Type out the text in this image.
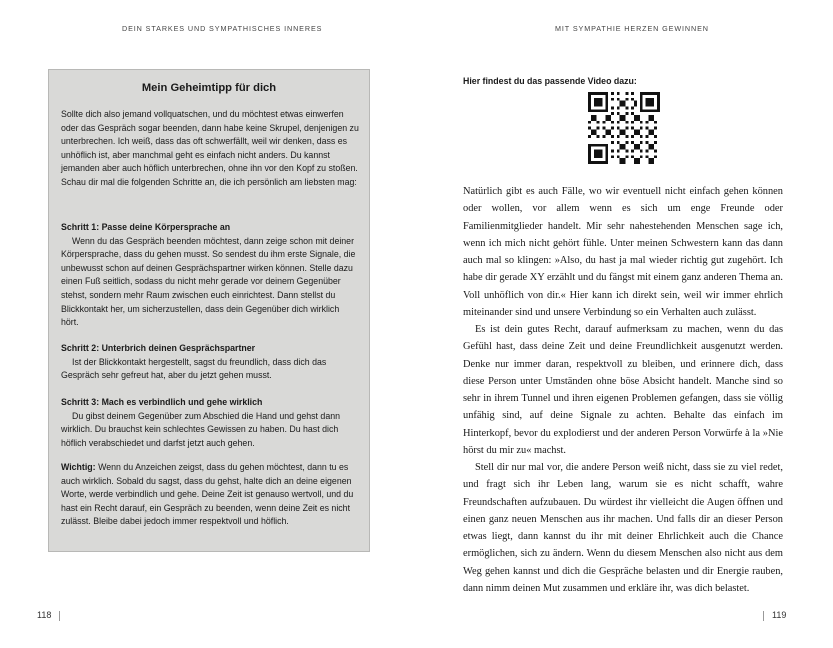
DEIN STARKES UND SYMPATHISCHES INNERES	MIT SYMPATHIE HERZEN GEWINNEN
Mein Geheimtipp für dich

Sollte dich also jemand vollquatschen, und du möchtest etwas einwerfen oder das Gespräch sogar beenden, dann habe keine Skrupel, denjenigen zu unterbrechen. Ich weiß, dass das oft schwerfällt, weil wir denken, dass es unhöflich ist, aber manchmal geht es einfach nicht anders. Du kannst jemanden aber auch höflich unterbrechen, ohne ihn vor den Kopf zu stoßen. Schau dir mal die folgenden Schritte an, die ich persönlich am liebsten mag:

Schritt 1: Passe deine Körpersprache an
Wenn du das Gespräch beenden möchtest, dann zeige schon mit deiner Körpersprache, dass du gehen musst. So sendest du ihm erste Signale, die unbewusst schon auf deinen Gesprächspartner wirken können. Stelle dazu einen Fuß seitlich, sodass du nicht mehr gerade vor deinem Gegenüber stehst, sondern mehr Raum zwischen euch einrichtest. Dann stellst du Blickkontakt her, um sicherzustellen, dass dein Gegenüber dich wirklich hört.
Schritt 2: Unterbrich deinen Gesprächspartner
Ist der Blickkontakt hergestellt, sagst du freundlich, dass dich das Gespräch sehr gefreut hat, aber du jetzt gehen musst.
Schritt 3: Mach es verbindlich und gehe wirklich
Du gibst deinem Gegenüber zum Abschied die Hand und gehst dann wirklich. Du brauchst kein schlechtes Gewissen zu haben. Du hast dich höflich verabschiedet und darfst jetzt auch gehen.

Wichtig: Wenn du Anzeichen zeigst, dass du gehen möchtest, dann tu es auch wirklich. Sobald du sagst, dass du gehst, halte dich an deine eigenen Worte, werde verbindlich und gehe. Deine Zeit ist genauso wertvoll, und du hast ein Recht darauf, ein Gespräch zu beenden, wenn deine Zeit es nicht zulässt. Bleibe dabei jedoch immer respektvoll und höflich.

Hier findest du das passende Video dazu:

Natürlich gibt es auch Fälle, wo wir eventuell nicht einfach gehen können oder wollen, vor allem wenn es sich um enge Freunde oder Familienmitglieder handelt. Mir sehr nahestehenden Menschen sage ich, wenn ich mich nicht gehört fühle. Unter meinen Schwestern kann das dann auch mal so klingen: »Also, du hast ja mal wieder richtig gut zugehört. Ich habe dir gerade XY erzählt und du fängst mit einem ganz anderen Thema an. Voll unhöflich von dir.« Hier kann ich direkt sein, weil wir immer ehrlich miteinander sind und unsere Verbindung so ein Verhalten auch zulässt.

Es ist dein gutes Recht, darauf aufmerksam zu machen, wenn du das Gefühl hast, dass deine Zeit und deine Freundlichkeit ausgenutzt werden. Denke nur immer daran, respektvoll zu bleiben, und erinnere dich, dass diese Person unter Umständen ohne böse Absicht handelt. Manche sind so sehr in ihrem Tunnel und ihren eigenen Problemen gefangen, dass sie völlig unfähig sind, auf deine Signale zu achten. Behalte das einfach im Hinterkopf, bevor du explodierst und der anderen Person Vorwürfe à la »Nie hörst du mir zu« machst.

Stell dir nur mal vor, die andere Person weiß nicht, dass sie zu viel redet, und fragt sich ihr Leben lang, warum sie es nicht schafft, wahre Freundschaften aufzubauen. Du würdest ihr vielleicht die Augen öffnen und einen ganz neuen Menschen aus ihr machen. Und falls dir an dieser Person etwas liegt, dann kannst du ihr mit deiner Ehrlichkeit auch die Chance ermöglichen, sich zu ändern. Wenn du diesem Menschen also nicht aus dem Weg gehen kannst und dich die Gespräche belasten und dir Energie rauben, dann nimm deinen Mut zusammen und erkläre ihr, was dich belastet.

118	119
